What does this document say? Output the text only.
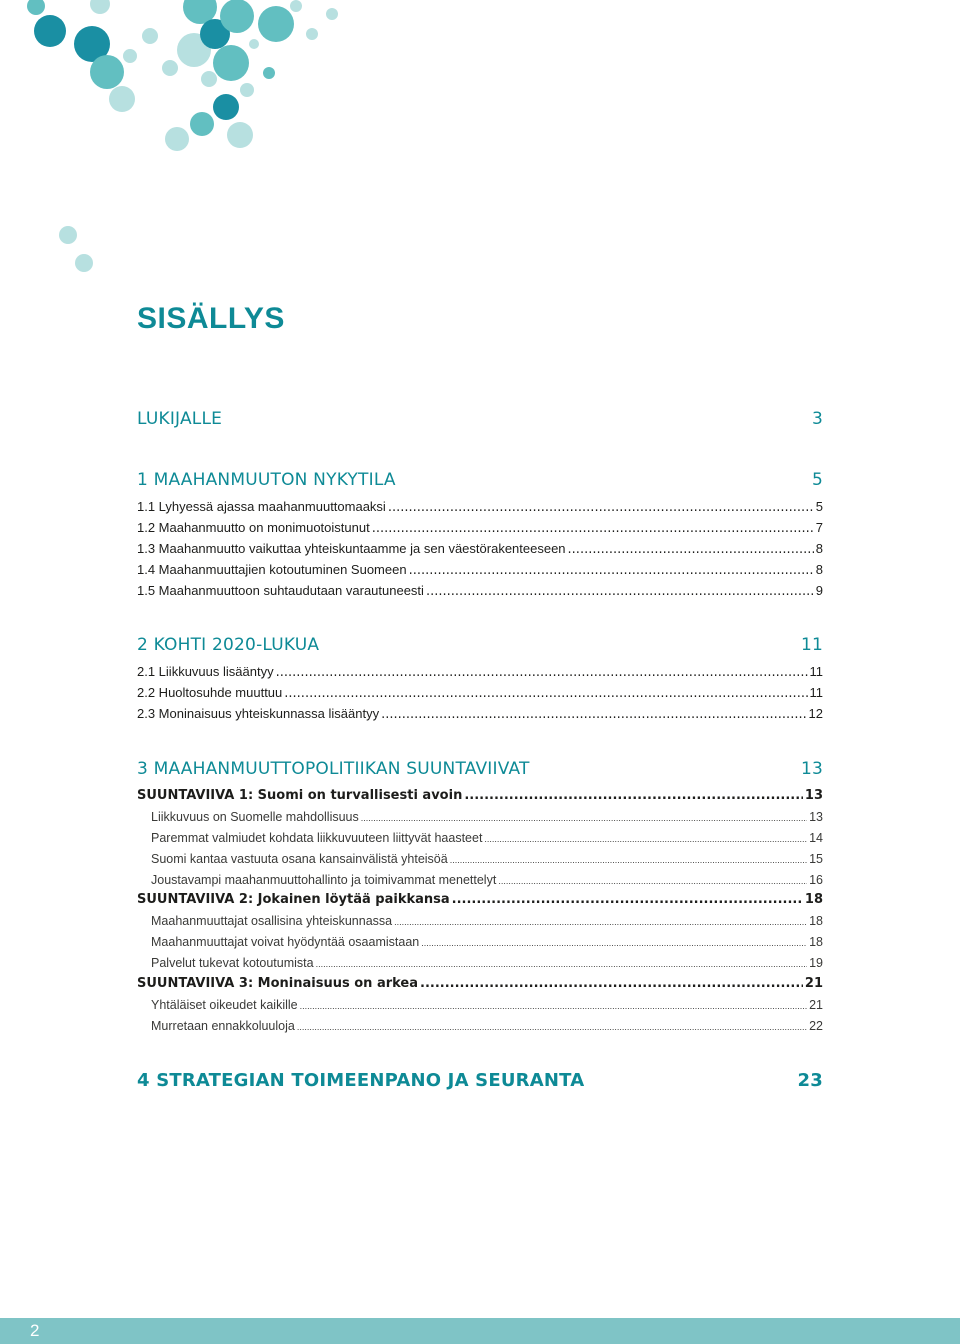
SISÄLLYS
LUKIJALLE	3
1 MAAHANMUUTON NYKYTILA	5
1.1 Lyhyessä ajassa maahanmuuttomaaksi .....	5
1.2 Maahanmuutto on monimuotoistunut .....	7
1.3 Maahanmuutto vaikuttaa yhteiskuntaamme ja sen väestörakenteeseen .....	8
1.4 Maahanmuuttajien kotoutuminen Suomeen .....	8
1.5 Maahanmuuttoon suhtaudutaan varautuneesti .....	9
2 KOHTI 2020-LUKUA	11
2.1 Liikkuvuus lisääntyy .....	11
2.2 Huoltosuhde muuttuu .....	11
2.3 Moninaisuus yhteiskunnassa lisääntyy .....	12
3 MAAHANMUUTTOPOLITIIKAN SUUNTAVIIVAT	13
SUUNTAVIIVA 1: Suomi on turvallisesti avoin .....	13
Liikkuvuus on Suomelle mahdollisuus .....	13
Paremmat valmiudet kohdata liikkuvuuteen liittyvät haasteet .....	14
Suomi kantaa vastuuta osana kansainvälistä yhteisöä .....	15
Joustavampi maahanmuuttohallinto ja toimivammat menettelyt .....	16
SUUNTAVIIVA 2: Jokainen löytää paikkansa .....	18
Maahanmuuttajat osallisina yhteiskunnassa .....	18
Maahanmuuttajat voivat hyödyntää osaamistaan .....	18
Palvelut tukevat kotoutumista .....	19
SUUNTAVIIVA 3: Moninaisuus on arkea .....	21
Yhtäläiset oikeudet kaikille .....	21
Murretaan ennakkoluuloja .....	22
4 STRATEGIAN TOIMEENPANO JA SEURANTA	23
2
